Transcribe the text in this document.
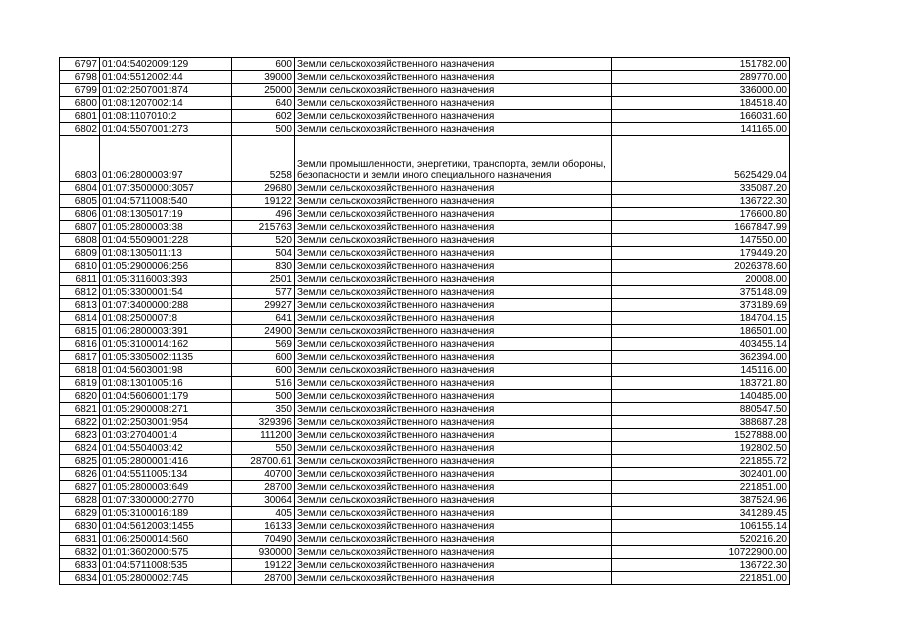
6797	01:04:5402009:129	600	Земли сельскохозяйственного назначения	151782.00
6798	01:04:5512002:44	39000	Земли сельскохозяйственного назначения	289770.00
6799	01:02:2507001:874	25000	Земли сельскохозяйственного назначения	336000.00
6800	01:08:1207002:14	640	Земли сельскохозяйственного назначения	184518.40
6801	01:08:1107010:2	602	Земли сельскохозяйственного назначения	166031.60
6802	01:04:5507001:273	500	Земли сельскохозяйственного назначения	141165.00
6803	01:06:2800003:97	5258	Земли промышленности, энергетики, транспорта, земли обороны, безопасности и земли иного специального назначения	5625429.04
6804	01:07:3500000:3057	29680	Земли сельскохозяйственного назначения	335087.20
6805	01:04:5711008:540	19122	Земли сельскохозяйственного назначения	136722.30
6806	01:08:1305017:19	496	Земли сельскохозяйственного назначения	176600.80
6807	01:05:2800003:38	215763	Земли сельскохозяйственного назначения	1667847.99
6808	01:04:5509001:228	520	Земли сельскохозяйственного назначения	147550.00
6809	01:08:1305011:13	504	Земли сельскохозяйственного назначения	179449.20
6810	01:05:2900006:256	830	Земли сельскохозяйственного назначения	2026378.60
6811	01:05:3116003:393	2501	Земли сельскохозяйственного назначения	20008.00
6812	01:05:3300001:54	577	Земли сельскохозяйственного назначения	375148.09
6813	01:07:3400000:288	29927	Земли сельскохозяйственного назначения	373189.69
6814	01:08:2500007:8	641	Земли сельскохозяйственного назначения	184704.15
6815	01:06:2800003:391	24900	Земли сельскохозяйственного назначения	186501.00
6816	01:05:3100014:162	569	Земли сельскохозяйственного назначения	403455.14
6817	01:05:3305002:1135	600	Земли сельскохозяйственного назначения	362394.00
6818	01:04:5603001:98	600	Земли сельскохозяйственного назначения	145116.00
6819	01:08:1301005:16	516	Земли сельскохозяйственного назначения	183721.80
6820	01:04:5606001:179	500	Земли сельскохозяйственного назначения	140485.00
6821	01:05:2900008:271	350	Земли сельскохозяйственного назначения	880547.50
6822	01:02:2503001:954	329396	Земли сельскохозяйственного назначения	388687.28
6823	01:03:2704001:4	111200	Земли сельскохозяйственного назначения	1527888.00
6824	01:04:5504003:42	550	Земли сельскохозяйственного назначения	192802.50
6825	01:05:2800001:416	28700.61	Земли сельскохозяйственного назначения	221855.72
6826	01:04:5511005:134	40700	Земли сельскохозяйственного назначения	302401.00
6827	01:05:2800003:649	28700	Земли сельскохозяйственного назначения	221851.00
6828	01:07:3300000:2770	30064	Земли сельскохозяйственного назначения	387524.96
6829	01:05:3100016:189	405	Земли сельскохозяйственного назначения	341289.45
6830	01:04:5612003:1455	16133	Земли сельскохозяйственного назначения	106155.14
6831	01:06:2500014:560	70490	Земли сельскохозяйственного назначения	520216.20
6832	01:01:3602000:575	930000	Земли сельскохозяйственного назначения	10722900.00
6833	01:04:5711008:535	19122	Земли сельскохозяйственного назначения	136722.30
6834	01:05:2800002:745	28700	Земли сельскохозяйственного назначения	221851.00
